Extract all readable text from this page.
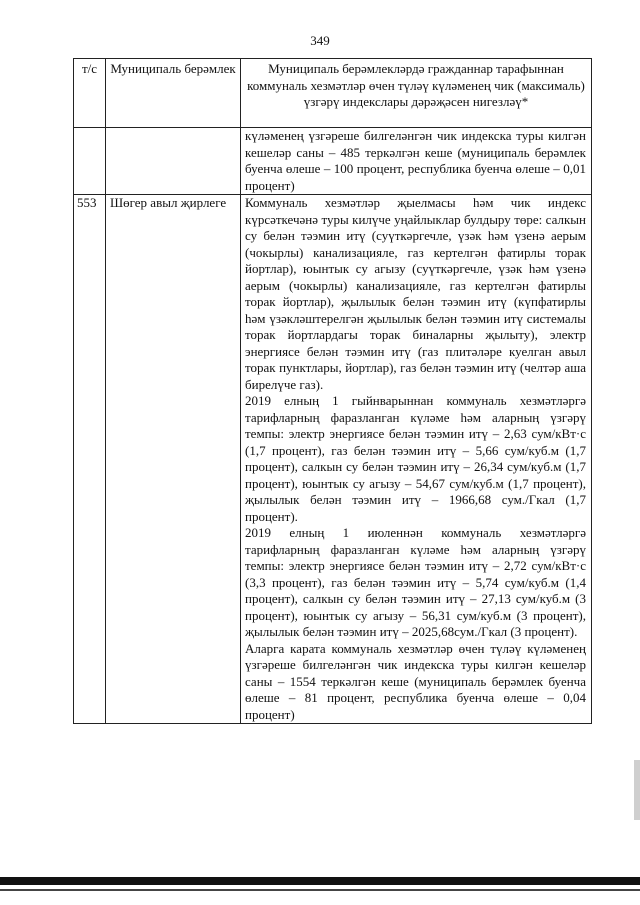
349
т/с	Муниципаль берәмлек	Муниципаль берәмлекләрдә гражданнар тарафыннан коммуналь хезмәтләр өчен түләү күләменең чик (максималь) үзгәрү индекслары дәрәҗәсен нигезләү*

		күләменең үзгәреше билгеләнгән чик индекска туры килгән кешеләр саны – 485 теркәлгән кеше (муниципаль берәмлек буенча өлеше – 100 процент, республика буенча өлеше – 0,01 процент)

553	Шөгер авыл җирлеге	Коммуналь хезмәтләр җыелмасы һәм чик индекс күрсәткечәнә туры килүче уңайлыклар булдыру төре: салкын су белән тәэмин итү (суүткәргечле, үзәк һәм үзенә аерым (чокырлы) канализацияле, газ кертелгән фатирлы торак йортлар), юынтык су агызу (суүткәргечле, үзәк һәм үзенә аерым (чокырлы) канализацияле, газ кертелгән фатирлы торак йортлар), җылылык белән тәэмин итү (күпфатирлы һәм үзәкләштерелгән җылылык белән тәэмин итү системалы торак йортлардагы торак биналарны җылыту), электр энергиясе белән тәэмин итү (газ плитәләре куелган авыл торак пунктлары, йортлар), газ белән тәэмин итү (челтәр аша бирелүче газ).

2019 елның 1 гыйнварыннан коммуналь хезмәтләргә тарифларның фаразланган күләме һәм аларның үзгәрү темпы: электр энергиясе белән тәэмин итү – 2,63 сум/кВт·с (1,7 процент), газ белән тәэмин итү – 5,66 сум/куб.м (1,7 процент), салкын су белән тәэмин итү – 26,34 сум/куб.м (1,7 процент), юынтык су агызу – 54,67 сум/куб.м (1,7 процент), җылылык белән тәэмин итү – 1966,68 сум./Гкал (1,7 процент).

2019 елның 1 июленнән коммуналь хезмәтләргә тарифларның фаразланган күләме һәм аларның үзгәрү темпы: электр энергиясе белән тәэмин итү – 2,72 сум/кВт·с (3,3 процент), газ белән тәэмин итү – 5,74 сум/куб.м (1,4 процент), салкын су белән тәэмин итү – 27,13 сум/куб.м (3 процент), юынтык су агызу – 56,31 сум/куб.м (3 процент), җылылык белән тәэмин итү – 2025,68сум./Гкал (3 процент).

Аларга карата коммуналь хезмәтләр өчен түләү күләменең үзгәреше билгеләнгән чик индекска туры килгән кешеләр саны – 1554 теркәлгән кеше (муниципаль берәмлек буенча өлеше – 81 процент, республика буенча өлеше – 0,04 процент)
